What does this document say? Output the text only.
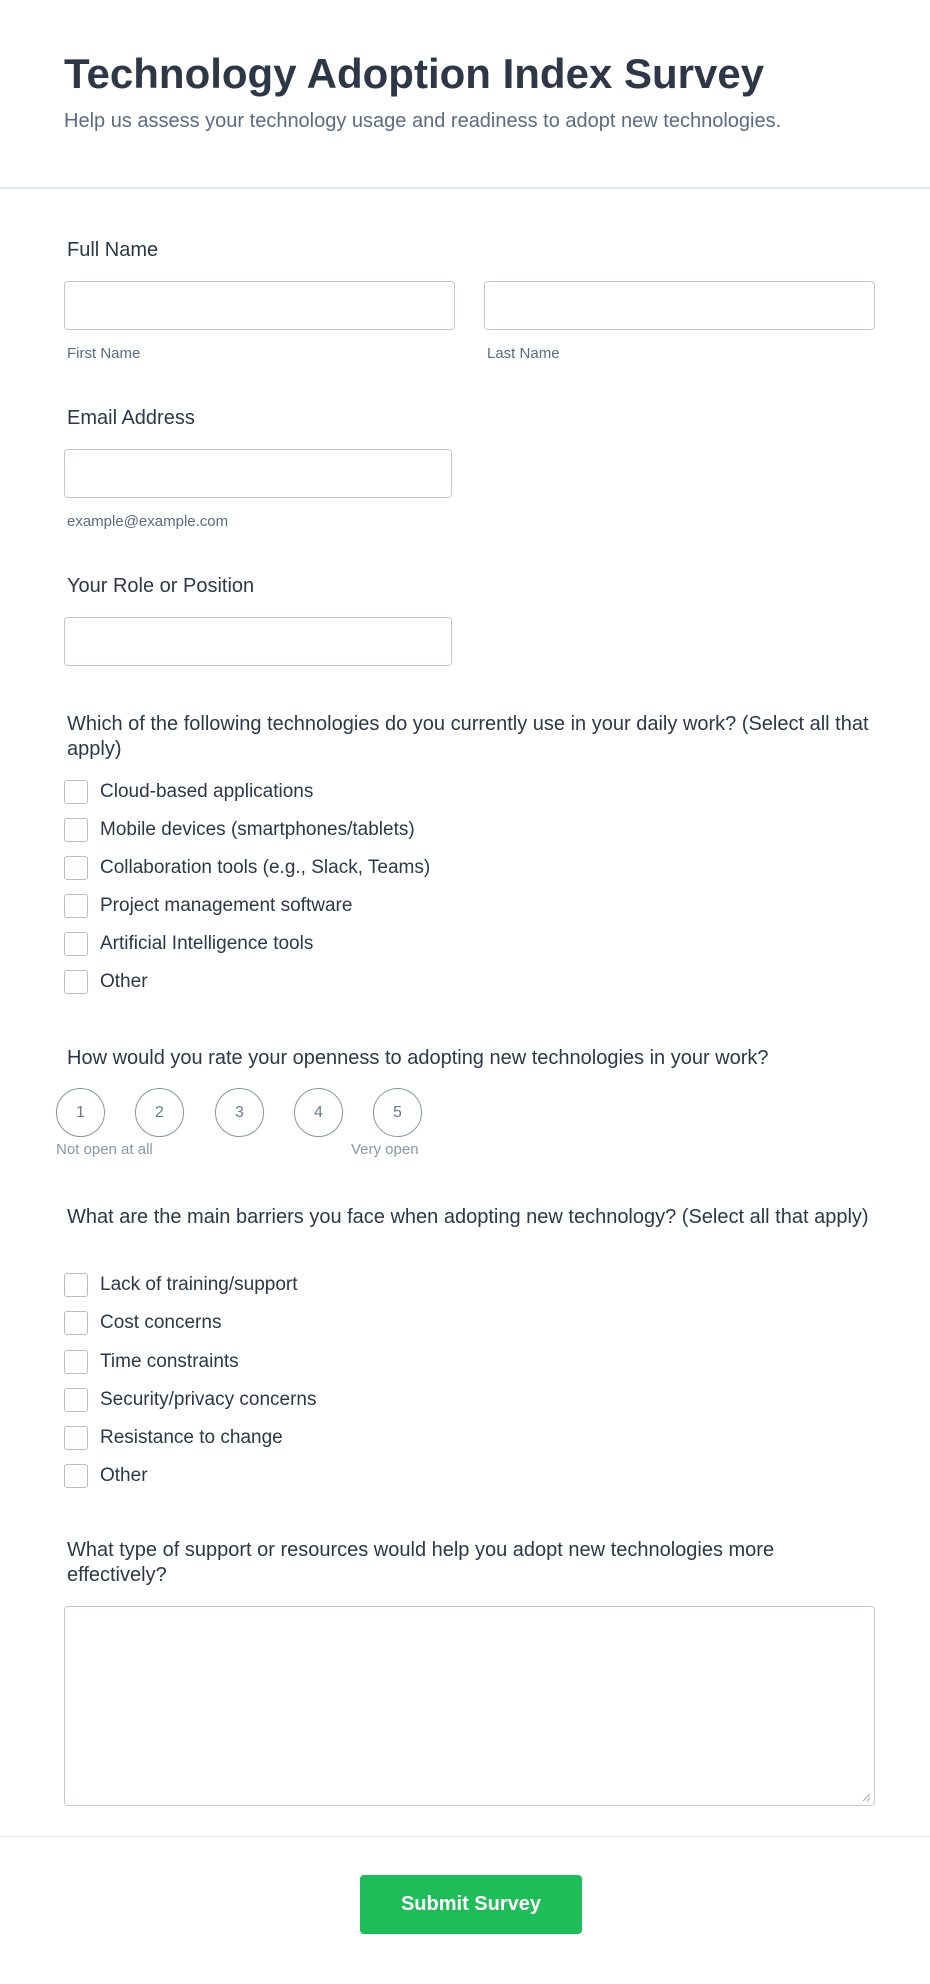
Technology Adoption Index Survey
Help us assess your technology usage and readiness to adopt new technologies.
Full Name
First Name	Last Name
Email Address
example@example.com
Your Role or Position
Which of the following technologies do you currently use in your daily work? (Select all that apply)
Cloud-based applications
Mobile devices (smartphones/tablets)
Collaboration tools (e.g., Slack, Teams)
Project management software
Artificial Intelligence tools
Other
How would you rate your openness to adopting new technologies in your work?
1	2	3	4	5
Not open at all	Very open
What are the main barriers you face when adopting new technology? (Select all that apply)
Lack of training/support
Cost concerns
Time constraints
Security/privacy concerns
Resistance to change
Other
What type of support or resources would help you adopt new technologies more effectively?
Submit Survey
